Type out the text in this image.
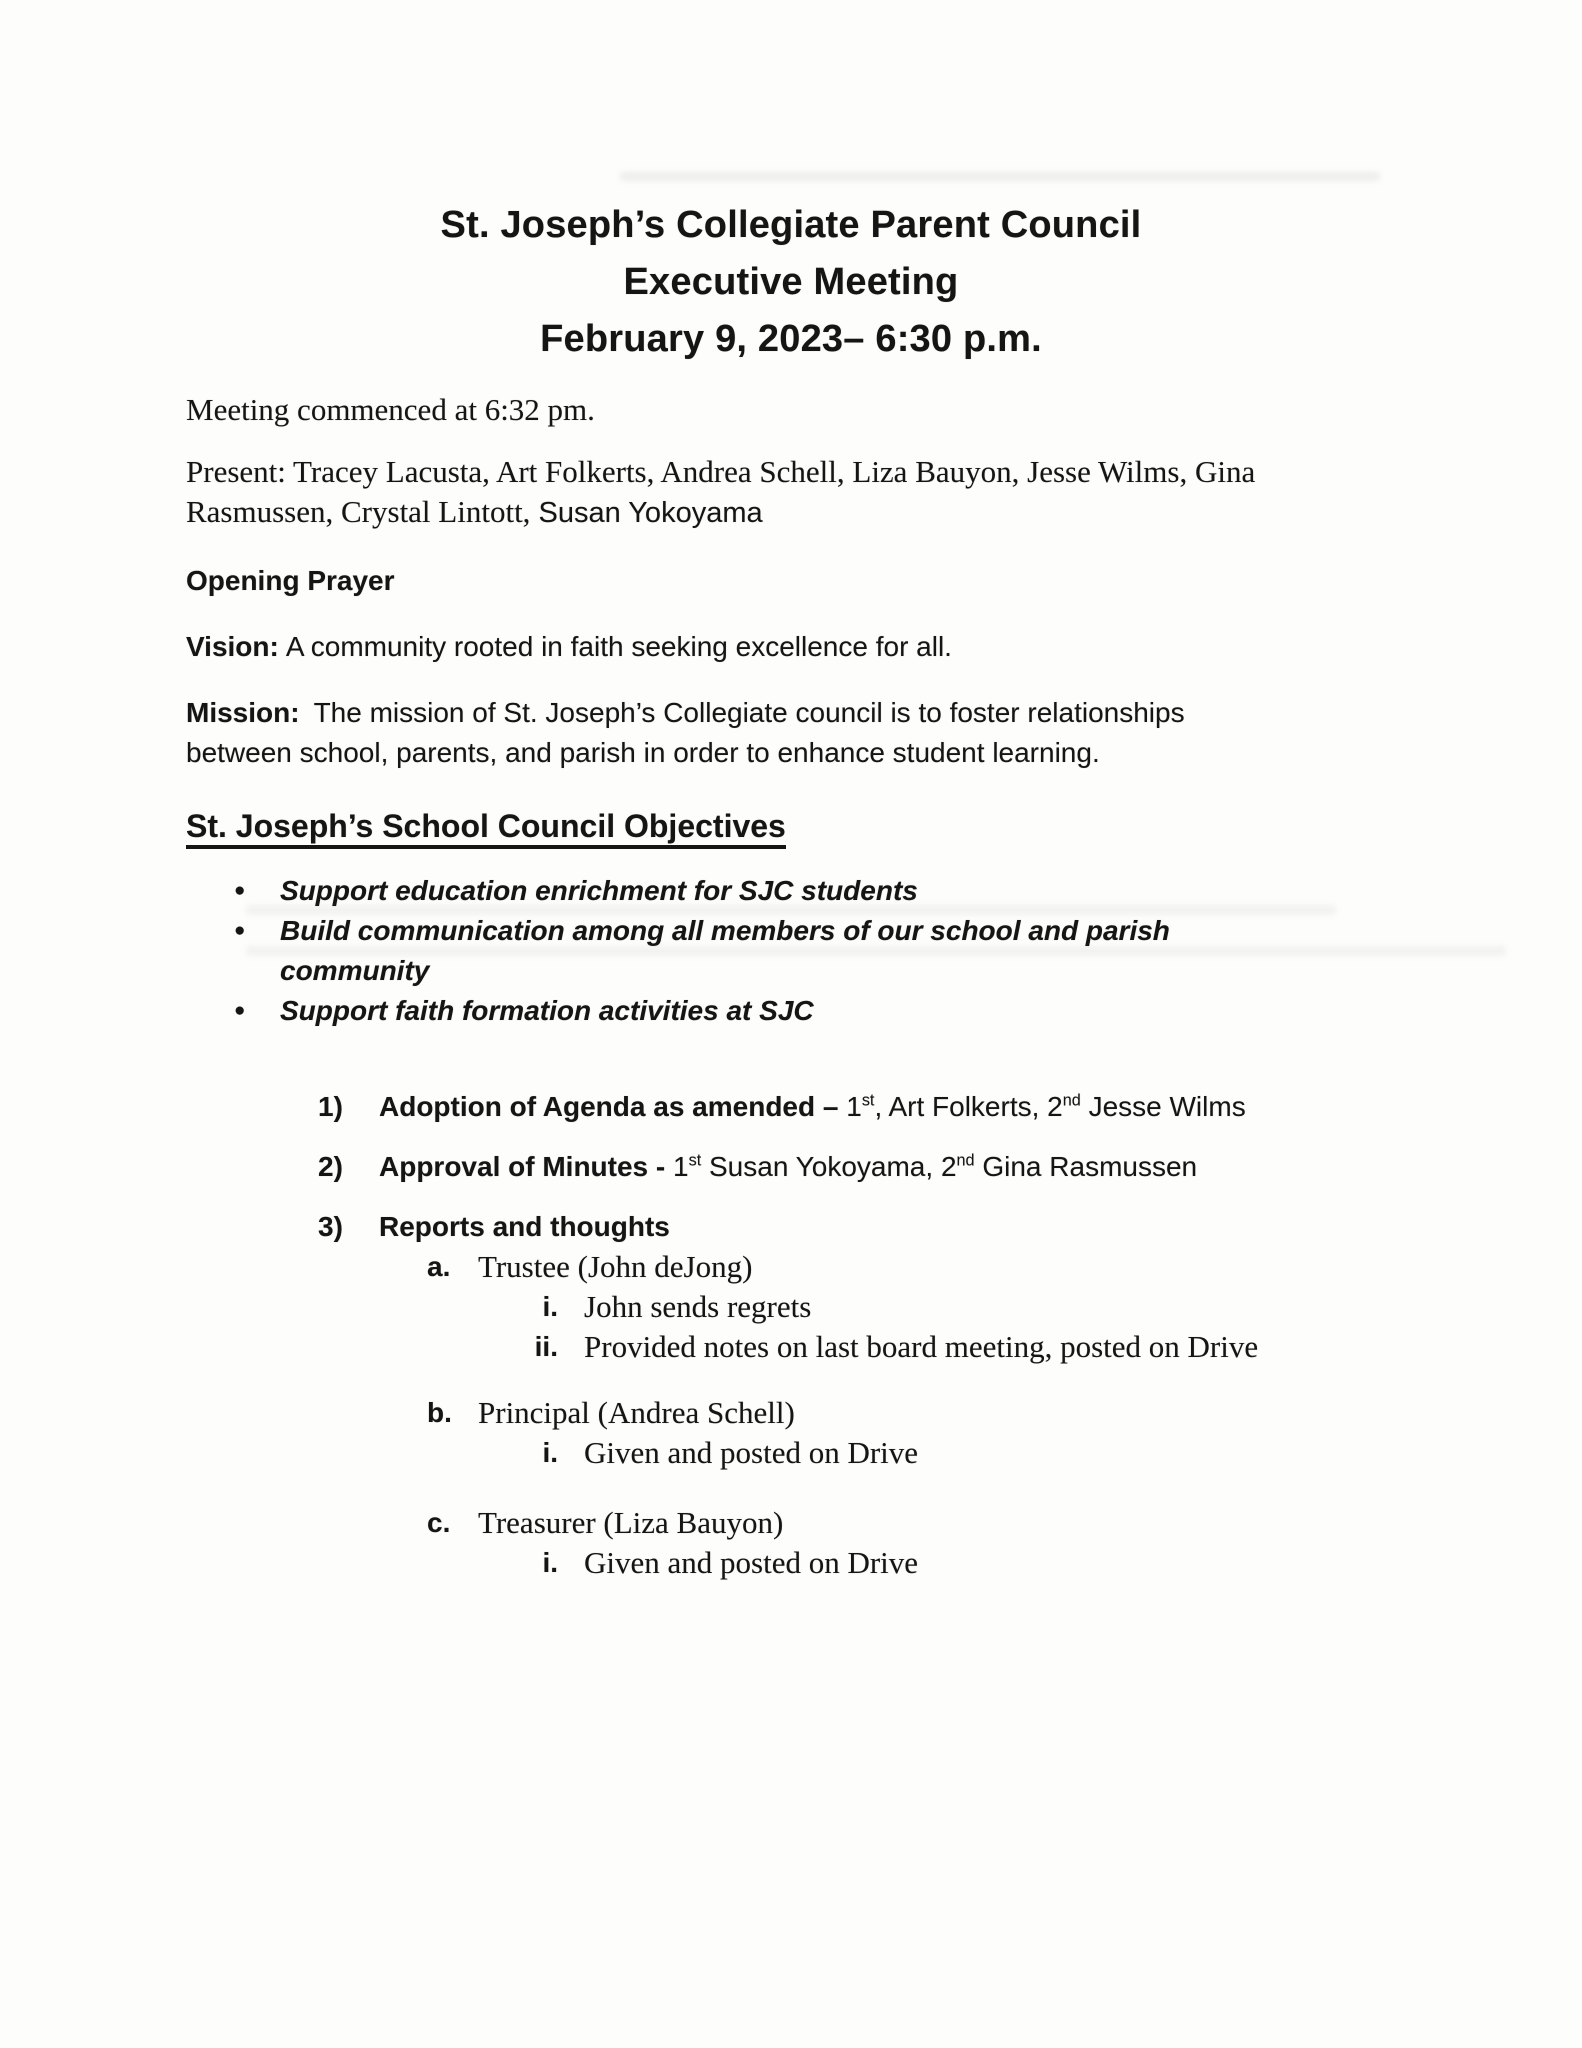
St. Joseph’s Collegiate Parent Council
Executive Meeting
February 9, 2023– 6:30 p.m.
Meeting commenced at 6:32 pm.
Present: Tracey Lacusta, Art Folkerts, Andrea Schell, Liza Bauyon, Jesse Wilms, Gina
Rasmussen, Crystal Lintott, Susan Yokoyama
Opening Prayer
Vision: A community rooted in faith seeking excellence for all.
Mission: The mission of St. Joseph’s Collegiate council is to foster relationships
between school, parents, and parish in order to enhance student learning.
St. Joseph’s School Council Objectives
●	Support education enrichment for SJC students
●	Build communication among all members of our school and parish
community
●	Support faith formation activities at SJC
1)	Adoption of Agenda as amended – 1st, Art Folkerts, 2nd Jesse Wilms
2)	Approval of Minutes - 1st Susan Yokoyama, 2nd Gina Rasmussen
3)	Reports and thoughts
a. Trustee (John deJong)
i. John sends regrets
ii. Provided notes on last board meeting, posted on Drive
b. Principal (Andrea Schell)
i. Given and posted on Drive
c. Treasurer (Liza Bauyon)
i. Given and posted on Drive
